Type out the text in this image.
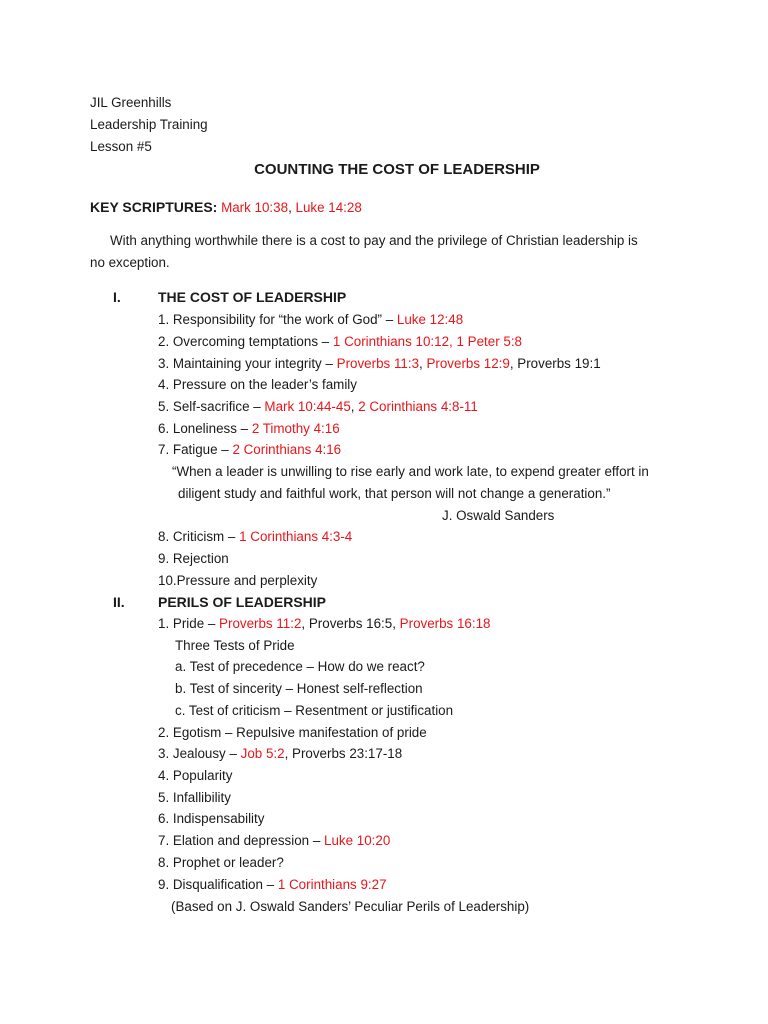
JIL Greenhills
Leadership Training
Lesson #5
COUNTING THE COST OF LEADERSHIP
KEY SCRIPTURES: Mark 10:38, Luke 14:28
With anything worthwhile there is a cost to pay and the privilege of Christian leadership is
no exception.
I.	THE COST OF LEADERSHIP
1. Responsibility for “the work of God” – Luke 12:48
2. Overcoming temptations – 1 Corinthians 10:12, 1 Peter 5:8
3. Maintaining your integrity – Proverbs 11:3, Proverbs 12:9, Proverbs 19:1
4. Pressure on the leader’s family
5. Self-sacrifice – Mark 10:44-45, 2 Corinthians 4:8-11
6. Loneliness – 2 Timothy 4:16
7. Fatigue – 2 Corinthians 4:16
“When a leader is unwilling to rise early and work late, to expend greater effort in
diligent study and faithful work, that person will not change a generation.”
J. Oswald Sanders
8. Criticism – 1 Corinthians 4:3-4
9. Rejection
10.Pressure and perplexity
II. PERILS OF LEADERSHIP
1. Pride – Proverbs 11:2, Proverbs 16:5, Proverbs 16:18
Three Tests of Pride
a. Test of precedence – How do we react?
b. Test of sincerity – Honest self-reflection
c. Test of criticism – Resentment or justification
2. Egotism – Repulsive manifestation of pride
3. Jealousy – Job 5:2, Proverbs 23:17-18
4. Popularity
5. Infallibility
6. Indispensability
7. Elation and depression – Luke 10:20
8. Prophet or leader?
9. Disqualification – 1 Corinthians 9:27
(Based on J. Oswald Sanders’ Peculiar Perils of Leadership)
